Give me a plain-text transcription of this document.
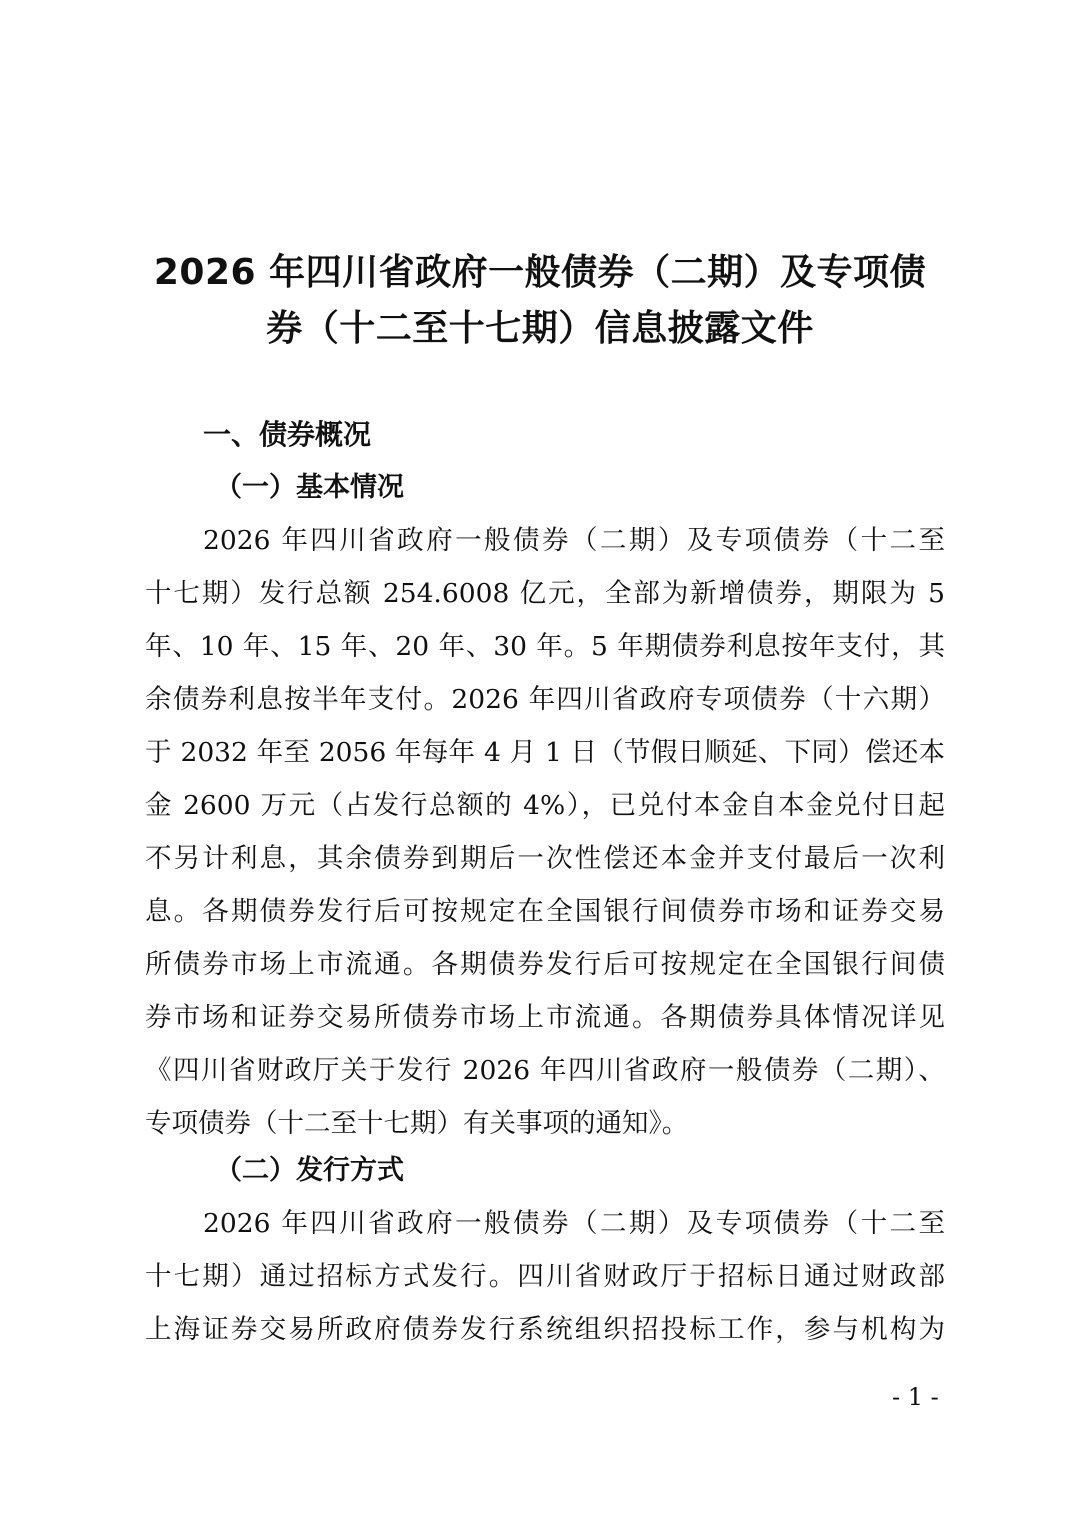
2026 年四川省政府一般债券（二期）及专项债
券（十二至十七期）信息披露文件
一、债券概况
（一）基本情况
2026 年四川省政府一般债券（二期）及专项债券（十二至
十七期）发行总额 254.6008 亿元，全部为新增债券，期限为 5
年、10 年、15 年、20 年、30 年。5 年期债券利息按年支付，其
余债券利息按半年支付。2026 年四川省政府专项债券（十六期）
于 2032 年至 2056 年每年 4 月 1 日（节假日顺延、下同）偿还本
金 2600 万元（占发行总额的 4%），已兑付本金自本金兑付日起
不另计利息，其余债券到期后一次性偿还本金并支付最后一次利
息。各期债券发行后可按规定在全国银行间债券市场和证券交易
所债券市场上市流通。各期债券发行后可按规定在全国银行间债
券市场和证券交易所债券市场上市流通。各期债券具体情况详见
《四川省财政厅关于发行 2026 年四川省政府一般债券（二期）、
专项债券（十二至十七期）有关事项的通知》。
（二）发行方式
2026 年四川省政府一般债券（二期）及专项债券（十二至
十七期）通过招标方式发行。四川省财政厅于招标日通过财政部
上海证券交易所政府债券发行系统组织招投标工作，参与机构为
- 1 -
